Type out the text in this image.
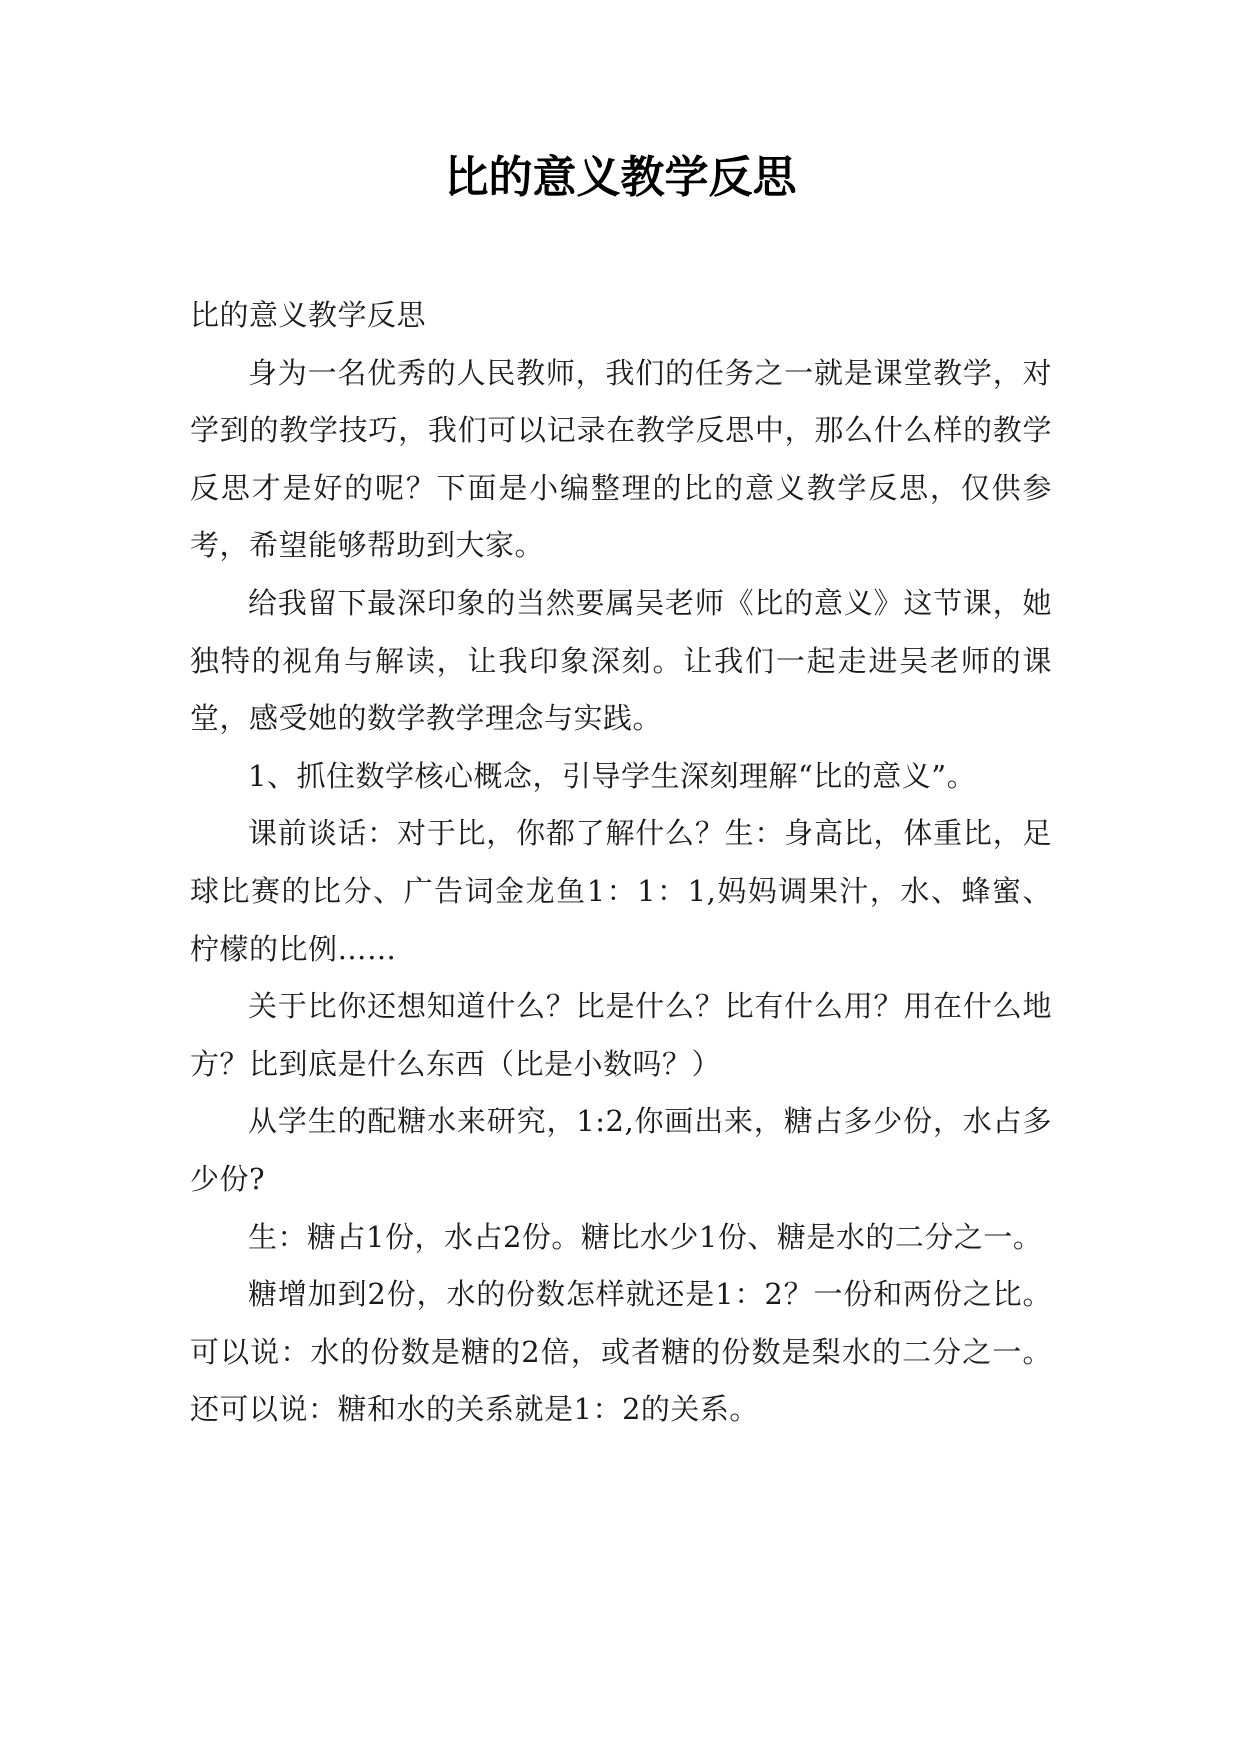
比的意义教学反思

比的意义教学反思

身为一名优秀的人民教师，我们的任务之一就是课堂教学，对学到的教学技巧，我们可以记录在教学反思中，那么什么样的教学反思才是好的呢？下面是小编整理的比的意义教学反思，仅供参考，希望能够帮助到大家。

给我留下最深印象的当然要属吴老师《比的意义》这节课，她独特的视角与解读，让我印象深刻。让我们一起走进吴老师的课堂，感受她的数学教学理念与实践。

1、抓住数学核心概念，引导学生深刻理解“比的意义”。

课前谈话：对于比，你都了解什么？生：身高比，体重比，足球比赛的比分、广告词金龙鱼1：1：1,妈妈调果汁，水、蜂蜜、柠檬的比例……

关于比你还想知道什么？比是什么？比有什么用？用在什么地方？比到底是什么东西（比是小数吗？）

从学生的配糖水来研究，1:2,你画出来，糖占多少份，水占多少份?

生：糖占1份，水占2份。糖比水少1份、糖是水的二分之一。

糖增加到2份，水的份数怎样就还是1：2？一份和两份之比。可以说：水的份数是糖的2倍，或者糖的份数是梨水的二分之一。还可以说：糖和水的关系就是1：2的关系。
